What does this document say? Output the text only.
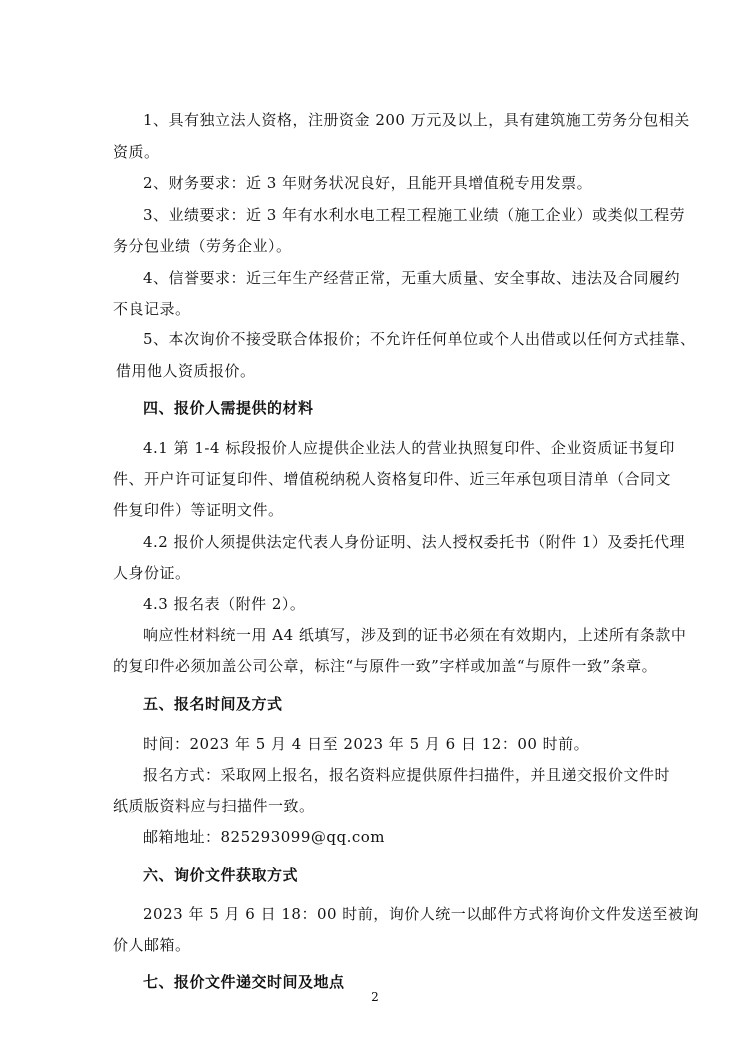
1、具有独立法人资格，注册资金 200 万元及以上，具有建筑施工劳务分包相关

资质。

2、财务要求：近 3 年财务状况良好，且能开具增值税专用发票。

3、业绩要求：近 3 年有水利水电工程工程施工业绩（施工企业）或类似工程劳

务分包业绩（劳务企业）。

4、信誉要求：近三年生产经营正常，无重大质量、安全事故、违法及合同履约

不良记录。

5、本次询价不接受联合体报价；不允许任何单位或个人出借或以任何方式挂靠、

借用他人资质报价。

四、报价人需提供的材料

4.1 第 1-4 标段报价人应提供企业法人的营业执照复印件、企业资质证书复印

件、开户许可证复印件、增值税纳税人资格复印件、近三年承包项目清单（合同文

件复印件）等证明文件。

4.2 报价人须提供法定代表人身份证明、法人授权委托书（附件 1）及委托代理

人身份证。

4.3 报名表（附件 2）。

响应性材料统一用 A4 纸填写，涉及到的证书必须在有效期内，上述所有条款中

的复印件必须加盖公司公章，标注“与原件一致”字样或加盖“与原件一致”条章。

五、报名时间及方式

时间：2023 年 5 月 4 日至 2023 年 5 月 6 日 12：00 时前。

报名方式：采取网上报名，报名资料应提供原件扫描件，并且递交报价文件时

纸质版资料应与扫描件一致。

邮箱地址：825293099@qq.com

六、询价文件获取方式

2023 年 5 月 6 日 18：00 时前，询价人统一以邮件方式将询价文件发送至被询

价人邮箱。

七、报价文件递交时间及地点

2
